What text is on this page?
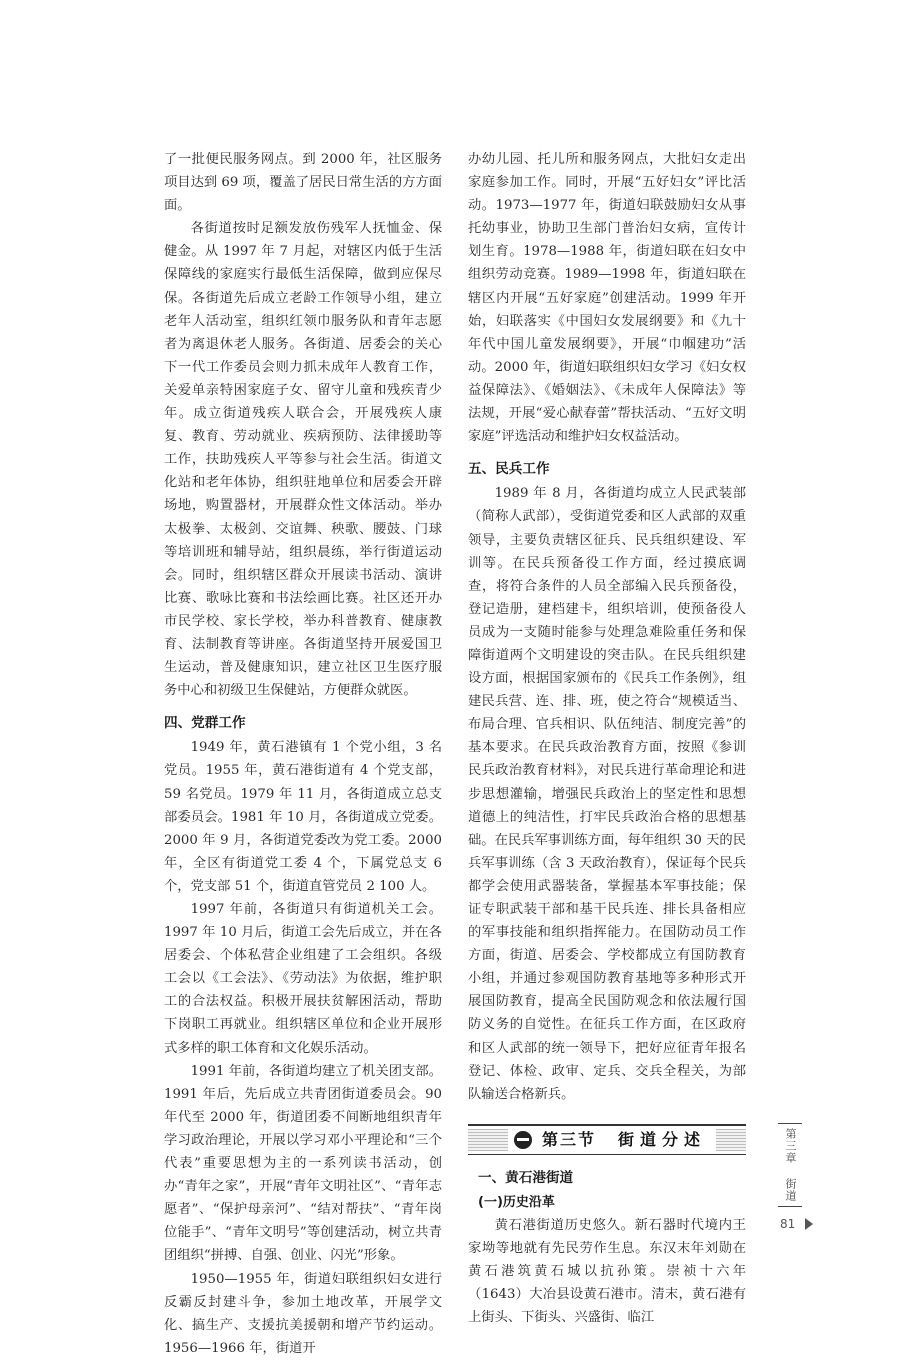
了一批便民服务网点。到 2000 年，社区服务项目达到 69 项，覆盖了居民日常生活的方方面面。

各街道按时足额发放伤残军人抚恤金、保健金。从 1997 年 7 月起，对辖区内低于生活保障线的家庭实行最低生活保障，做到应保尽保。各街道先后成立老龄工作领导小组，建立老年人活动室，组织红领巾服务队和青年志愿者为离退休老人服务。各街道、居委会的关心下一代工作委员会则力抓未成年人教育工作，关爱单亲特困家庭子女、留守儿童和残疾青少年。成立街道残疾人联合会，开展残疾人康复、教育、劳动就业、疾病预防、法律援助等工作，扶助残疾人平等参与社会生活。街道文化站和老年体协，组织驻地单位和居委会开辟场地，购置器材，开展群众性文体活动。举办太极拳、太极剑、交谊舞、秧歌、腰鼓、门球等培训班和辅导站，组织晨练，举行街道运动会。同时，组织辖区群众开展读书活动、演讲比赛、歌咏比赛和书法绘画比赛。社区还开办市民学校、家长学校，举办科普教育、健康教育、法制教育等讲座。各街道坚持开展爱国卫生运动，普及健康知识，建立社区卫生医疗服务中心和初级卫生保健站，方便群众就医。

四、党群工作

1949 年，黄石港镇有 1 个党小组，3 名党员。1955 年，黄石港街道有 4 个党支部，59 名党员。1979 年 11 月，各街道成立总支部委员会。1981 年 10 月，各街道成立党委。2000 年 9 月，各街道党委改为党工委。2000 年，全区有街道党工委 4 个，下属党总支 6 个，党支部 51 个，街道直管党员 2 100 人。

1997 年前，各街道只有街道机关工会。1997 年 10 月后，街道工会先后成立，并在各居委会、个体私营企业组建了工会组织。各级工会以《工会法》、《劳动法》为依据，维护职工的合法权益。积极开展扶贫解困活动，帮助下岗职工再就业。组织辖区单位和企业开展形式多样的职工体育和文化娱乐活动。

1991 年前，各街道均建立了机关团支部。1991 年后，先后成立共青团街道委员会。90 年代至 2000 年，街道团委不间断地组织青年学习政治理论，开展以学习邓小平理论和“三个代表”重要思想为主的一系列读书活动，创办“青年之家”，开展“青年文明社区”、“青年志愿者”、“保护母亲河”、“结对帮扶”、“青年岗位能手”、“青年文明号”等创建活动，树立共青团组织“拼搏、自强、创业、闪光”形象。

1950—1955 年，街道妇联组织妇女进行反霸反封建斗争，参加土地改革，开展学文化、搞生产、支援抗美援朝和增产节约运动。1956—1966 年，街道开

办幼儿园、托儿所和服务网点，大批妇女走出家庭参加工作。同时，开展“五好妇女”评比活动。1973—1977 年，街道妇联鼓励妇女从事托幼事业，协助卫生部门普治妇女病，宣传计划生育。1978—1988 年，街道妇联在妇女中组织劳动竞赛。1989—1998 年，街道妇联在辖区内开展“五好家庭”创建活动。1999 年开始，妇联落实《中国妇女发展纲要》和《九十年代中国儿童发展纲要》，开展“巾帼建功”活动。2000 年，街道妇联组织妇女学习《妇女权益保障法》、《婚姻法》、《未成年人保障法》等法规，开展“爱心献春蕾”帮扶活动、“五好文明家庭”评选活动和维护妇女权益活动。

五、民兵工作

1989 年 8 月，各街道均成立人民武装部（简称人武部），受街道党委和区人武部的双重领导，主要负责辖区征兵、民兵组织建设、军训等。在民兵预备役工作方面，经过摸底调查，将符合条件的人员全部编入民兵预备役，登记造册，建档建卡，组织培训，使预备役人员成为一支随时能参与处理急难险重任务和保障街道两个文明建设的突击队。在民兵组织建设方面，根据国家颁布的《民兵工作条例》，组建民兵营、连、排、班，使之符合“规模适当、布局合理、官兵相识、队伍纯洁、制度完善”的基本要求。在民兵政治教育方面，按照《参训民兵政治教育材料》，对民兵进行革命理论和进步思想灌输，增强民兵政治上的坚定性和思想道德上的纯洁性，打牢民兵政治合格的思想基础。在民兵军事训练方面，每年组织 30 天的民兵军事训练（含 3 天政治教育），保证每个民兵都学会使用武器装备，掌握基本军事技能；保证专职武装干部和基干民兵连、排长具备相应的军事技能和组织指挥能力。在国防动员工作方面，街道、居委会、学校都成立有国防教育小组，并通过参观国防教育基地等多种形式开展国防教育，提高全民国防观念和依法履行国防义务的自觉性。在征兵工作方面，在区政府和区人武部的统一领导下，把好应征青年报名登记、体检、政审、定兵、交兵全程关，为部队输送合格新兵。

第三节 街道分述
一、黄石港街道
(一)历史沿革

黄石港街道历史悠久。新石器时代境内王家坳等地就有先民劳作生息。东汉末年刘勋在黄石港筑黄石城以抗孙策。崇祯十六年（1643）大冶县设黄石港市。清末，黄石港有上街头、下街头、兴盛街、临江

第三章
街道
81
